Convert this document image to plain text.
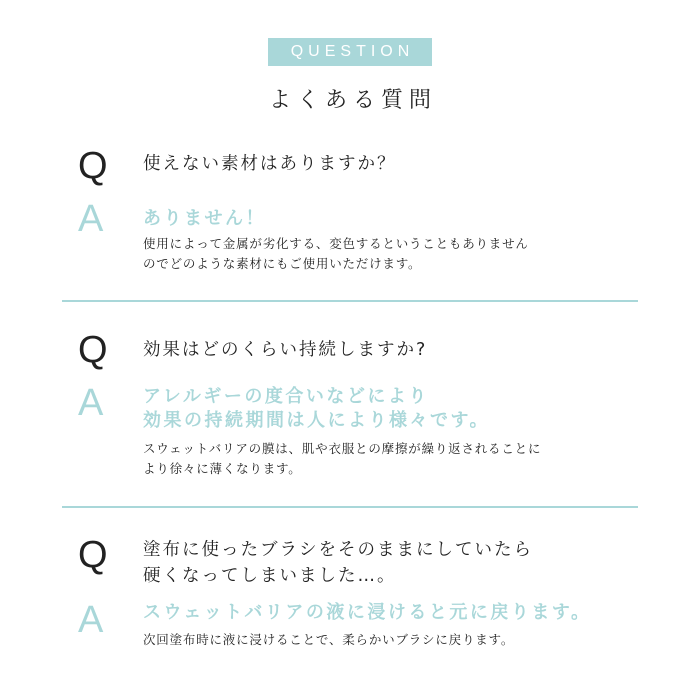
QUESTION
よくある質問
Q	使えない素材はありますか？
A	ありません！
使用によって金属が劣化する、変色するということもありません
のでどのような素材にもご使用いただけます。
Q	効果はどのくらい持続しますか?
A	アレルギーの度合いなどにより
効果の持続期間は人により様々です。
スウェットバリアの膜は、肌や衣服との摩擦が繰り返されることに
より徐々に薄くなります。
Q	塗布に使ったブラシをそのままにしていたら
硬くなってしまいました…。
A	スウェットバリアの液に浸けると元に戻ります。
次回塗布時に液に浸けることで、柔らかいブラシに戻ります。
